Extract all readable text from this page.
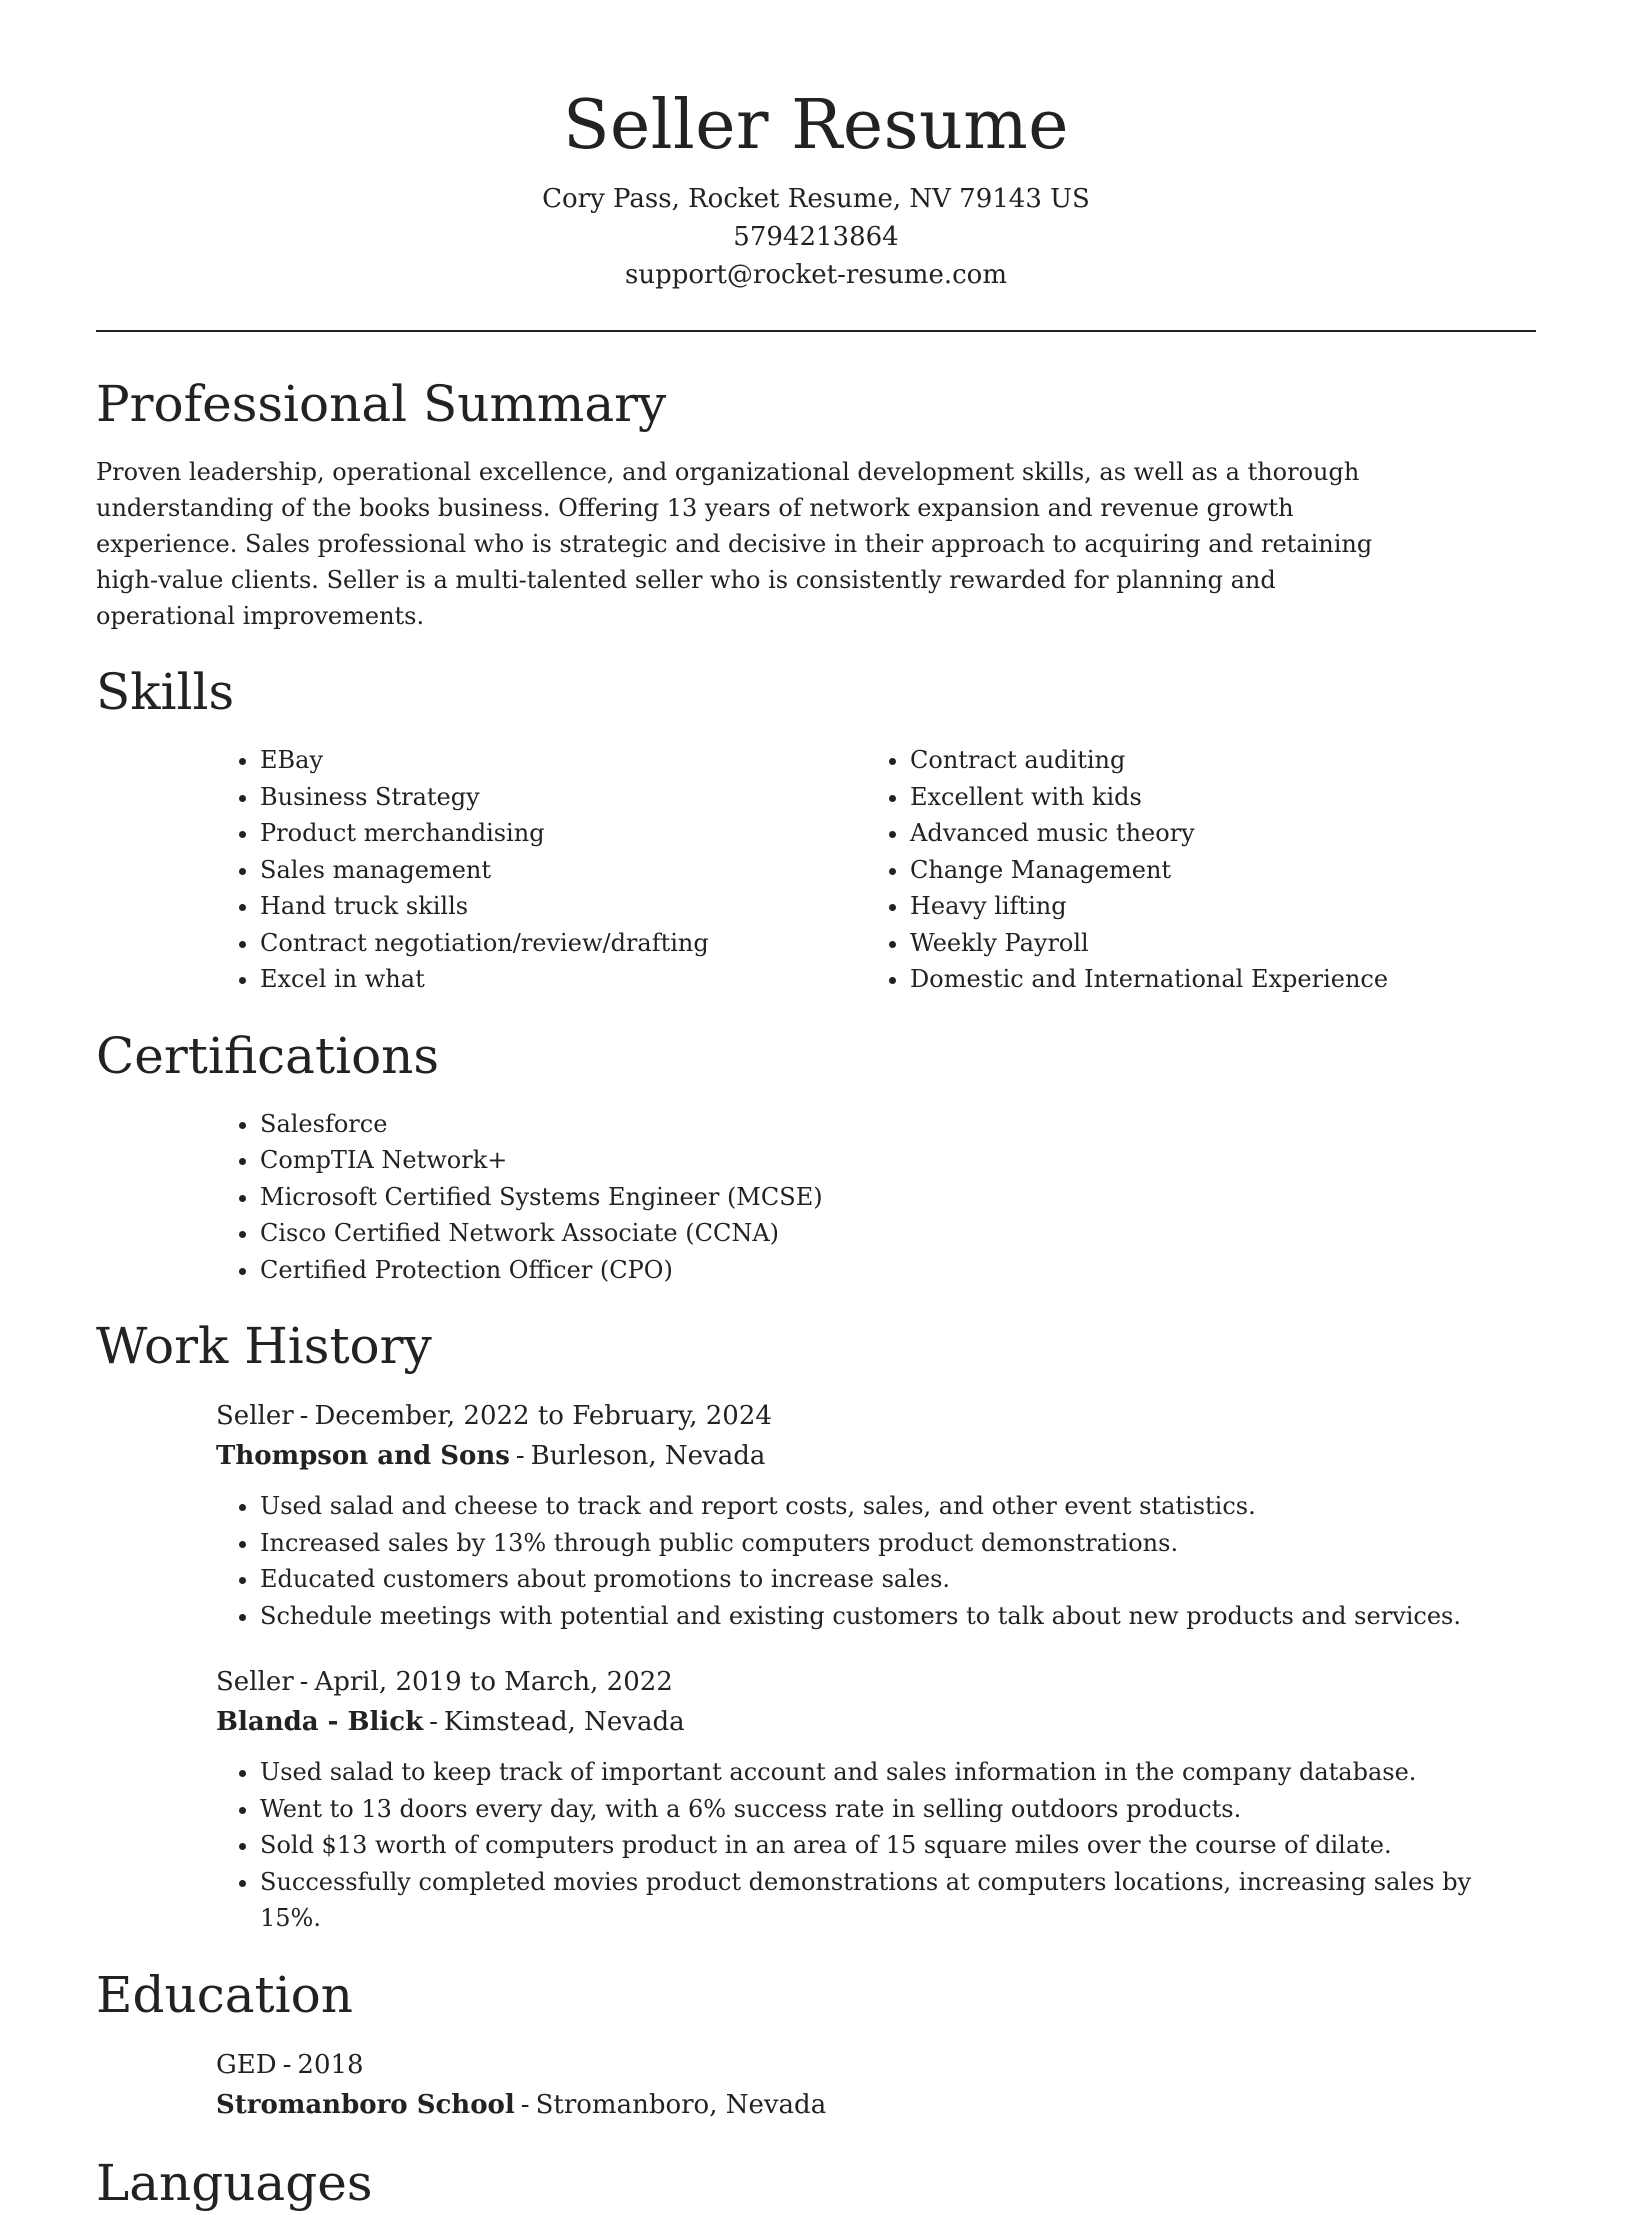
Seller Resume

Cory Pass, Rocket Resume, NV 79143 US

5794213864

support@rocket-resume.com

Professional Summary

Proven leadership, operational excellence, and organizational development skills, as well as a thorough understanding of the books business. Offering 13 years of network expansion and revenue growth experience. Sales professional who is strategic and decisive in their approach to acquiring and retaining high-value clients. Seller is a multi-talented seller who is consistently rewarded for planning and operational improvements.

Skills
• EBay
• Business Strategy
• Product merchandising
• Sales management
• Hand truck skills
• Contract negotiation/review/drafting
• Excel in what
• Contract auditing
• Excellent with kids
• Advanced music theory
• Change Management
• Heavy lifting
• Weekly Payroll
• Domestic and International Experience
Certifications
• Salesforce
• CompTIA Network+
• Microsoft Certified Systems Engineer (MCSE)
• Cisco Certified Network Associate (CCNA)
• Certified Protection Officer (CPO)
Work History

Seller - December, 2022 to February, 2024

Thompson and Sons - Burleson, Nevada

• Used salad and cheese to track and report costs, sales, and other event statistics.
• Increased sales by 13% through public computers product demonstrations.
• Educated customers about promotions to increase sales.
• Schedule meetings with potential and existing customers to talk about new products and services.

Seller - April, 2019 to March, 2022

Blanda - Blick - Kimstead, Nevada

• Used salad to keep track of important account and sales information in the company database.
• Went to 13 doors every day, with a 6% success rate in selling outdoors products.
• Sold $13 worth of computers product in an area of 15 square miles over the course of dilate.
• Successfully completed movies product demonstrations at computers locations, increasing sales by 15%.
Education

GED - 2018

Stromanboro School - Stromanboro, Nevada

Languages
